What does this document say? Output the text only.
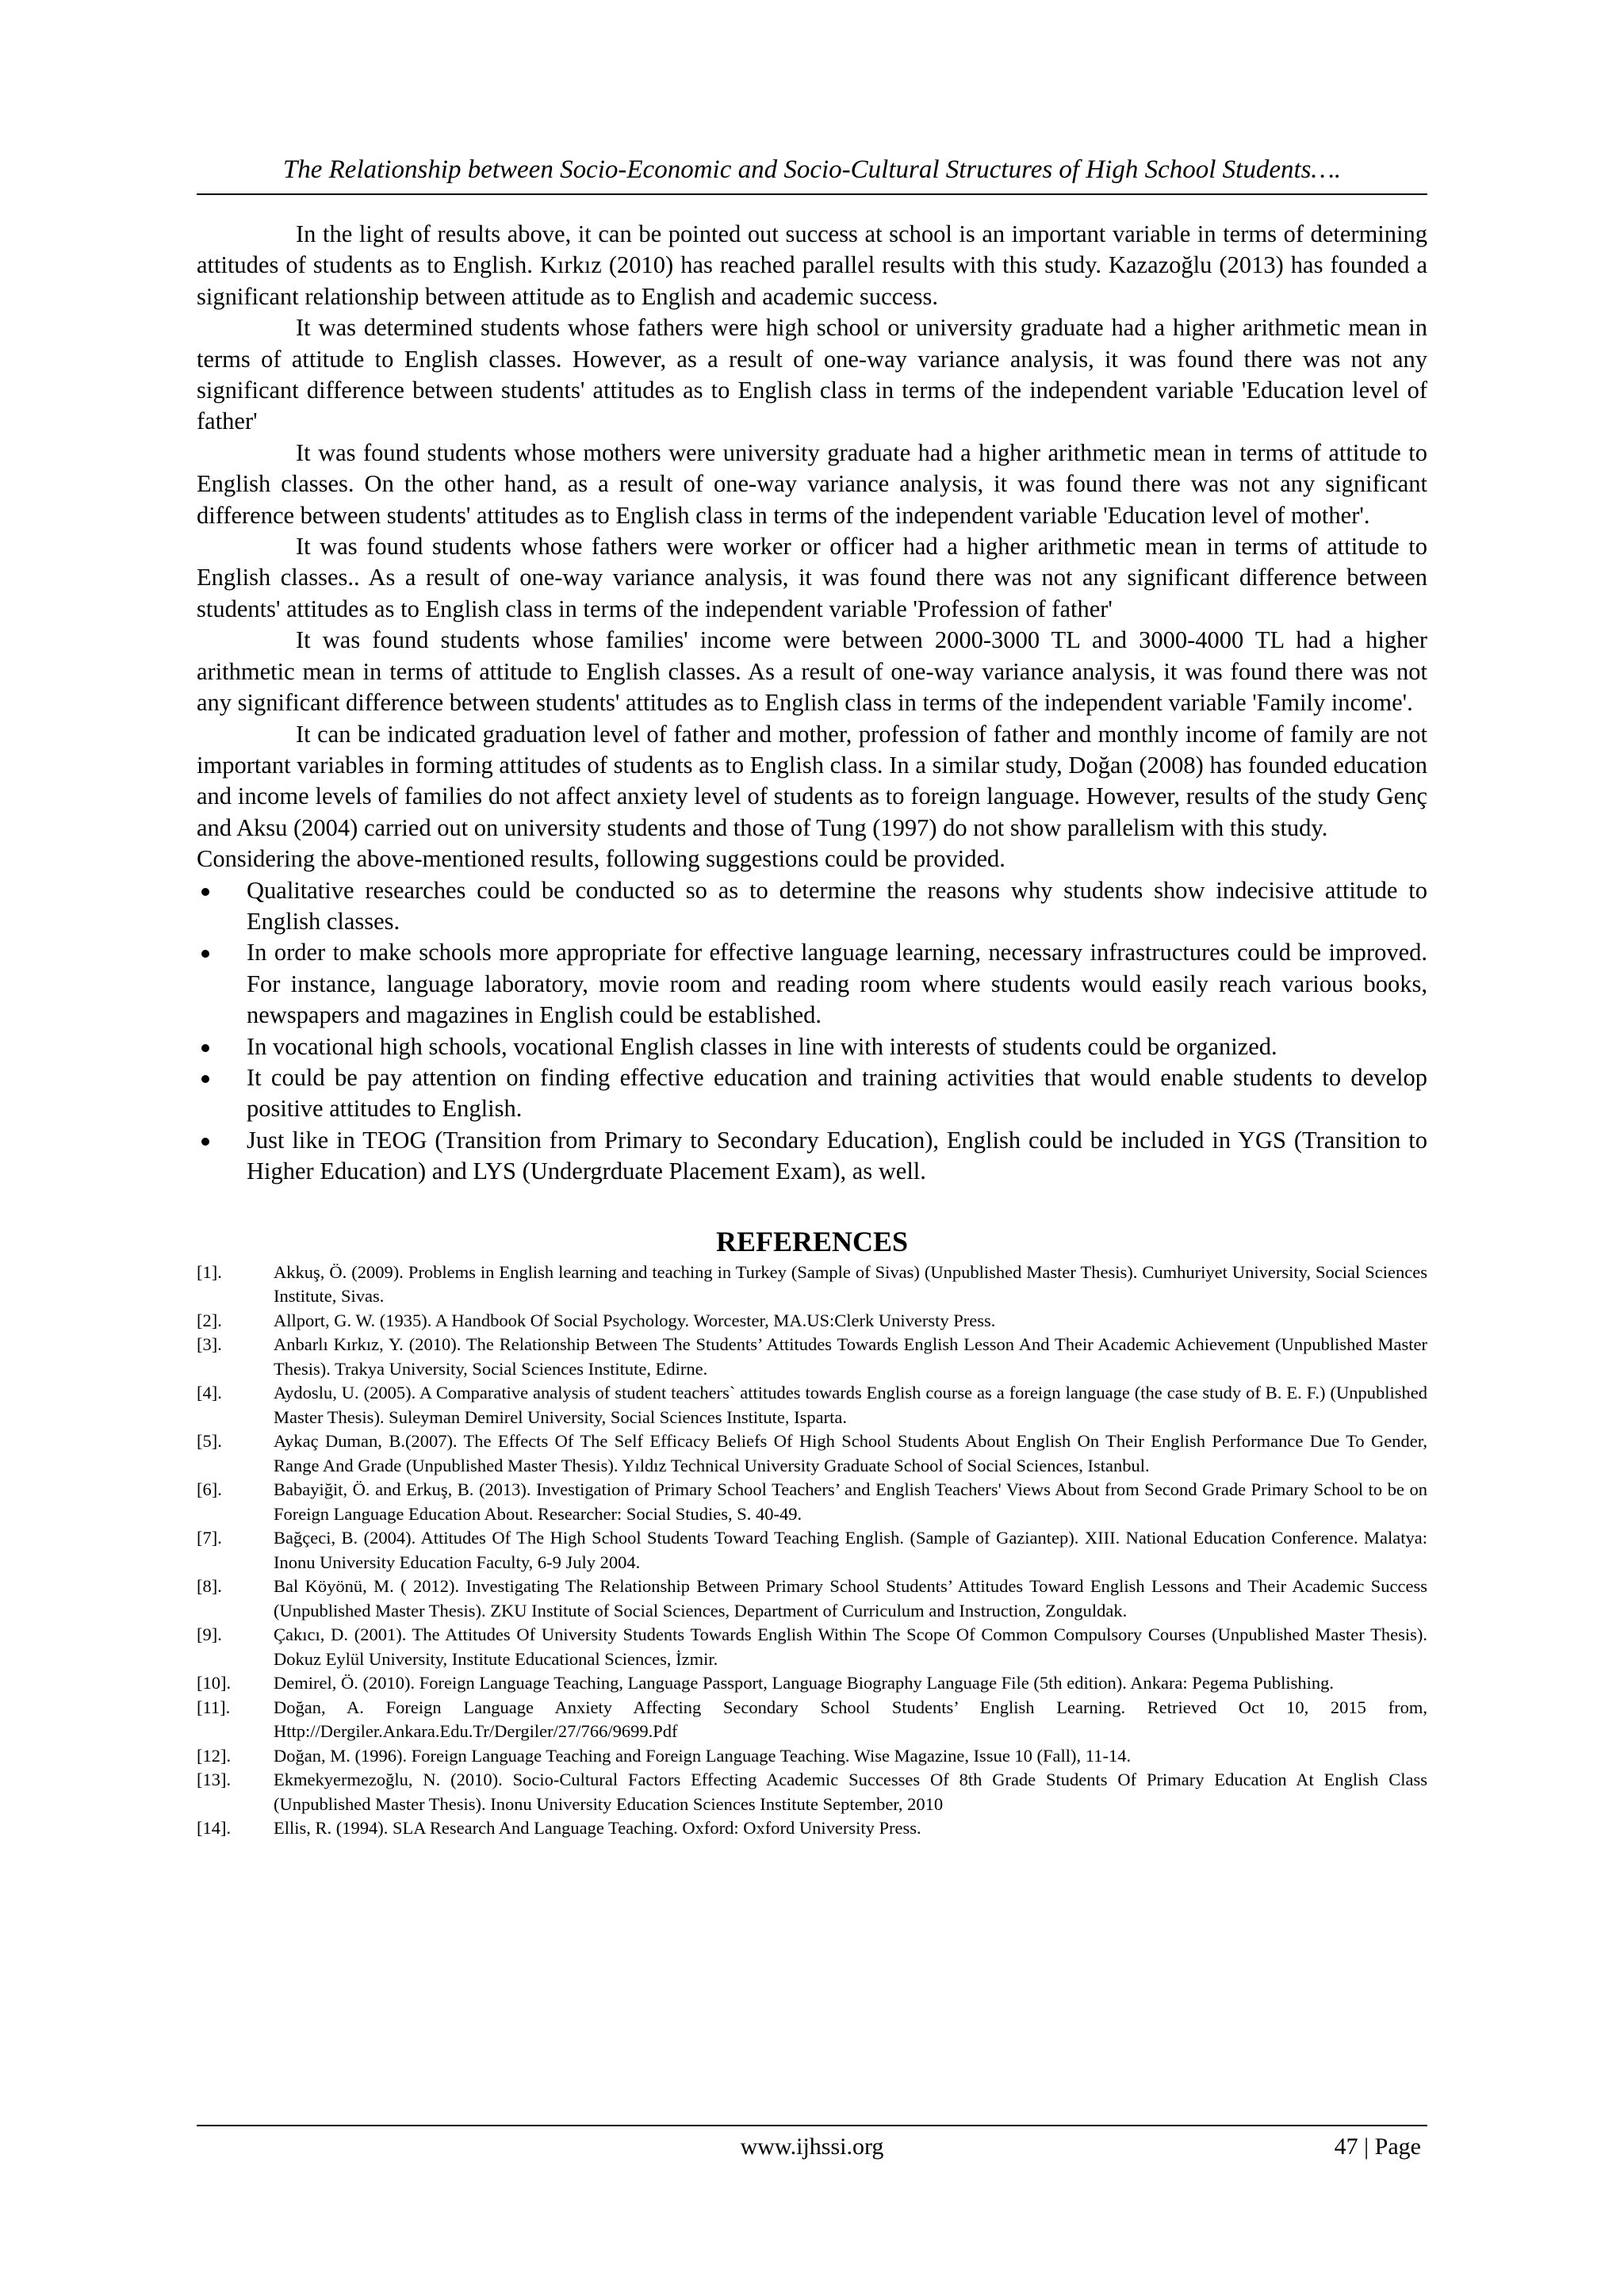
The Relationship between Socio-Economic and Socio-Cultural Structures of High School Students….

In the light of results above, it can be pointed out success at school is an important variable in terms of determining attitudes of students as to English. Kırkız (2010) has reached parallel results with this study. Kazazoğlu (2013) has founded a significant relationship between attitude as to English and academic success.

It was determined students whose fathers were high school or university graduate had a higher arithmetic mean in terms of attitude to English classes. However, as a result of one-way variance analysis, it was found there was not any significant difference between students' attitudes as to English class in terms of the independent variable 'Education level of father'

It was found students whose mothers were university graduate had a higher arithmetic mean in terms of attitude to English classes. On the other hand, as a result of one-way variance analysis, it was found there was not any significant difference between students' attitudes as to English class in terms of the independent variable 'Education level of mother'.

It was found students whose fathers were worker or officer had a higher arithmetic mean in terms of attitude to English classes.. As a result of one-way variance analysis, it was found there was not any significant difference between students' attitudes as to English class in terms of the independent variable 'Profession of father'

It was found students whose families' income were between 2000-3000 TL and 3000-4000 TL had a higher arithmetic mean in terms of attitude to English classes. As a result of one-way variance analysis, it was found there was not any significant difference between students' attitudes as to English class in terms of the independent variable 'Family income'.

It can be indicated graduation level of father and mother, profession of father and monthly income of family are not important variables in forming attitudes of students as to English class. In a similar study, Doğan (2008) has founded education and income levels of families do not affect anxiety level of students as to foreign language. However, results of the study Genç and Aksu (2004) carried out on university students and those of Tung (1997) do not show parallelism with this study.

Considering the above-mentioned results, following suggestions could be provided.

Qualitative researches could be conducted so as to determine the reasons why students show indecisive attitude to English classes.
In order to make schools more appropriate for effective language learning, necessary infrastructures could be improved. For instance, language laboratory, movie room and reading room where students would easily reach various books, newspapers and magazines in English could be established.
In vocational high schools, vocational English classes in line with interests of students could be organized.
It could be pay attention on finding effective education and training activities that would enable students to develop positive attitudes to English.
Just like in TEOG (Transition from Primary to Secondary Education), English could be included in YGS (Transition to Higher Education) and LYS (Undergrduate Placement Exam), as well.
REFERENCES
[1].	Akkuş, Ö. (2009). Problems in English learning and teaching in Turkey (Sample of Sivas) (Unpublished Master Thesis). Cumhuriyet University, Social Sciences Institute, Sivas.
[2].	Allport, G. W. (1935). A Handbook Of Social Psychology. Worcester, MA.US:Clerk Universty Press.
[3].	Anbarlı Kırkız, Y. (2010). The Relationship Between The Students’ Attitudes Towards English Lesson And Their Academic Achievement (Unpublished Master Thesis). Trakya University, Social Sciences Institute, Edirne.
[4].	Aydoslu, U. (2005). A Comparative analysis of student teachers` attitudes towards English course as a foreign language (the case study of B. E. F.) (Unpublished Master Thesis). Suleyman Demirel University, Social Sciences Institute, Isparta.
[5].	Aykaç Duman, B.(2007). The Effects Of The Self Efficacy Beliefs Of High School Students About English On Their English Performance Due To Gender, Range And Grade (Unpublished Master Thesis). Yıldız Technical University Graduate School of Social Sciences, Istanbul.
[6].	Babayiğit, Ö. and Erkuş, B. (2013). Investigation of Primary School Teachers’ and English Teachers' Views About from Second Grade Primary School to be on Foreign Language Education About. Researcher: Social Studies, S. 40-49.
[7].	Bağçeci, B. (2004). Attitudes Of The High School Students Toward Teaching English. (Sample of Gaziantep). XIII. National Education Conference. Malatya: Inonu University Education Faculty, 6-9 July 2004.
[8].	Bal Köyönü, M. ( 2012). Investigating The Relationship Between Primary School Students’ Attitudes Toward English Lessons and Their Academic Success (Unpublished Master Thesis). ZKU Institute of Social Sciences, Department of Curriculum and Instruction, Zonguldak.
[9].	Çakıcı, D. (2001). The Attitudes Of University Students Towards English Within The Scope Of Common Compulsory Courses (Unpublished Master Thesis). Dokuz Eylül University, Institute Educational Sciences, İzmir.
[10]. Demirel, Ö. (2010). Foreign Language Teaching, Language Passport, Language Biography Language File (5th edition). Ankara: Pegema Publishing.
[11]. Doğan, A. Foreign Language Anxiety Affecting Secondary School Students’ English Learning. Retrieved Oct 10, 2015 from, Http://Dergiler.Ankara.Edu.Tr/Dergiler/27/766/9699.Pdf
[12]. Doğan, M. (1996). Foreign Language Teaching and Foreign Language Teaching. Wise Magazine, Issue 10 (Fall), 11-14.
[13]. Ekmekyermezoğlu, N. (2010). Socio-Cultural Factors Effecting Academic Successes Of 8th Grade Students Of Primary Education At English Class (Unpublished Master Thesis). Inonu University Education Sciences Institute September, 2010
[14]. Ellis, R. (1994). SLA Research And Language Teaching. Oxford: Oxford University Press.
www.ijhssi.org	47 | Page
